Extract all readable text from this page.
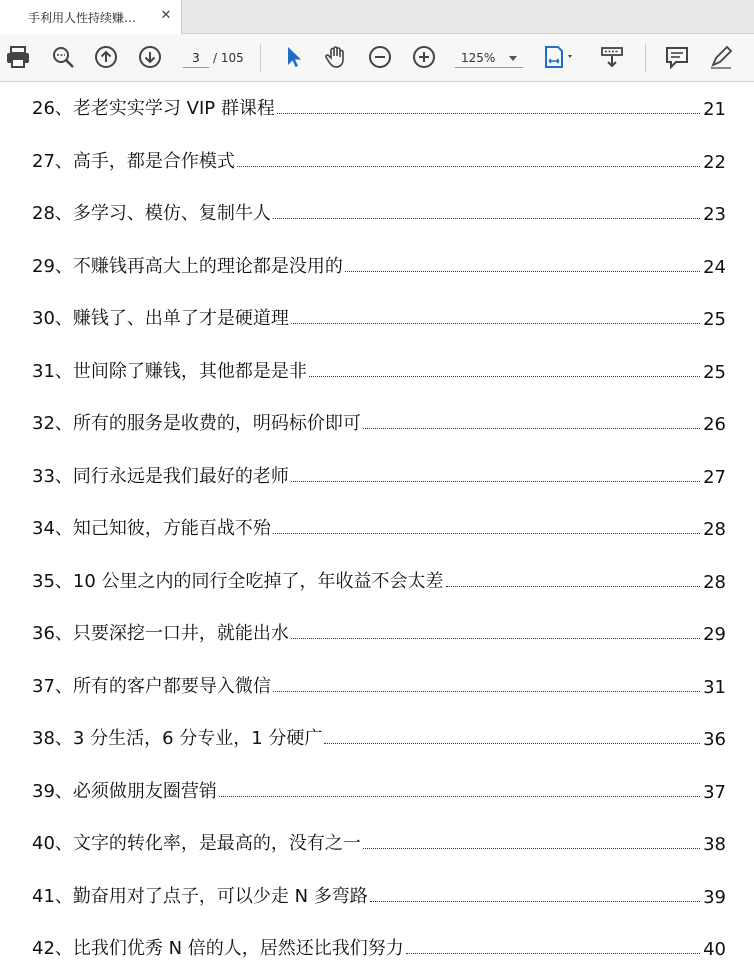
手利用人性持续赚…	✕
3	/ 105	125%
26、老老实实学习 VIP 群课程	21
27、高手，都是合作模式	22
28、多学习、模仿、复制牛人	23
29、不赚钱再高大上的理论都是没用的	24
30、赚钱了、出单了才是硬道理	25
31、世间除了赚钱，其他都是是非	25
32、所有的服务是收费的，明码标价即可	26
33、同行永远是我们最好的老师	27
34、知己知彼，方能百战不殆	28
35、10 公里之内的同行全吃掉了，年收益不会太差	28
36、只要深挖一口井，就能出水	29
37、所有的客户都要导入微信	31
38、3 分生活，6 分专业，1 分硬广	36
39、必须做朋友圈营销	37
40、文字的转化率，是最高的，没有之一	38
41、勤奋用对了点子，可以少走 N 多弯路	39
42、比我们优秀 N 倍的人，居然还比我们努力	40
